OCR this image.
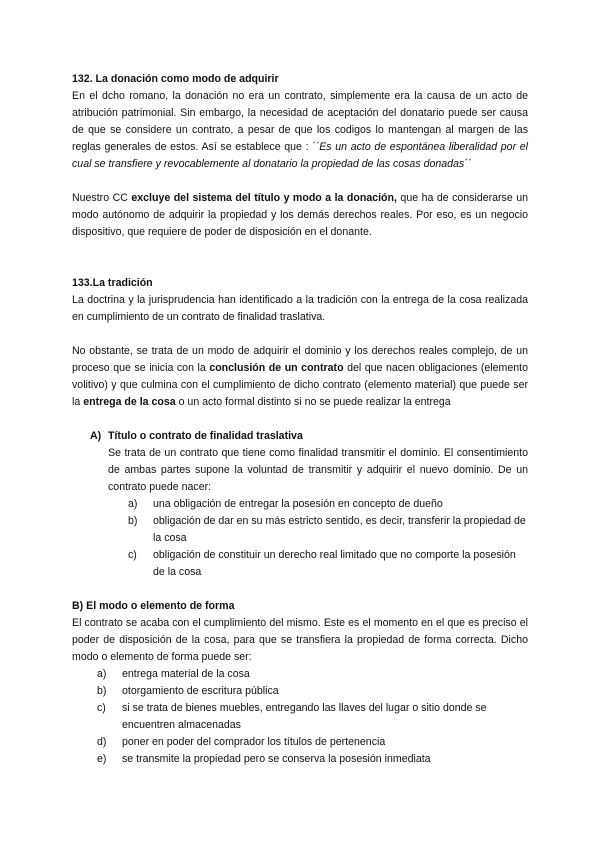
132. La donación como modo de adquirir

En el dcho romano, la donación no era un contrato, simplemente era la causa de un acto de atribución patrimonial. Sin embargo, la necesidad de aceptación del donatario puede ser causa de que se considere un contrato, a pesar de que los codigos lo mantengan al margen de las reglas generales de estos. Así se establece que : ´´Es un acto de espontánea liberalidad por el cual se transfiere y revocablemente al donatario la propiedad de las cosas donadas´´

Nuestro CC excluye del sistema del título y modo a la donación, que ha de considerarse un modo autónomo de adquirir la propiedad y los demás derechos reales. Por eso, es un negocio dispositivo, que requiere de poder de disposición en el donante.

133.La tradición

La doctrina y la jurisprudencia han identificado a la tradición con la entrega de la cosa realizada en cumplimiento de un contrato de finalidad traslativa.

No obstante, se trata de un modo de adquirir el dominio y los derechos reales complejo, de un proceso que se inicia con la conclusión de un contrato del que nacen obligaciones (elemento volitivo) y que culmina con el cumplimiento de dicho contrato (elemento material) que puede ser la entrega de la cosa o un acto formal distinto si no se puede realizar la entrega

A) Título o contrato de finalidad traslativa

Se trata de un contrato que tiene como finalidad transmitir el dominio. El consentimiento de ambas partes supone la voluntad de transmitir y adquirir el nuevo dominio. De un contrato puede nacer:

a)	una obligación de entregar la posesión en concepto de dueño
b)	obligación de dar en su más estricto sentido, es decir, transferir la propiedad de la cosa
c)	obligación de constituir un derecho real limitado que no comporte la posesión de la cosa
B) El modo o elemento de forma

El contrato se acaba con el cumplimiento del mismo. Este es el momento en el que es preciso el poder de disposición de la cosa, para que se transfiera la propiedad de forma correcta. Dicho modo o elemento de forma puede ser:

a)	entrega material de la cosa
b)	otorgamiento de escritura pública
c)	si se trata de bienes muebles, entregando las llaves del lugar o sitio donde se encuentren almacenadas
d)	poner en poder del comprador los títulos de pertenencia
e)	se transmite la propiedad pero se conserva la posesión inmediata
